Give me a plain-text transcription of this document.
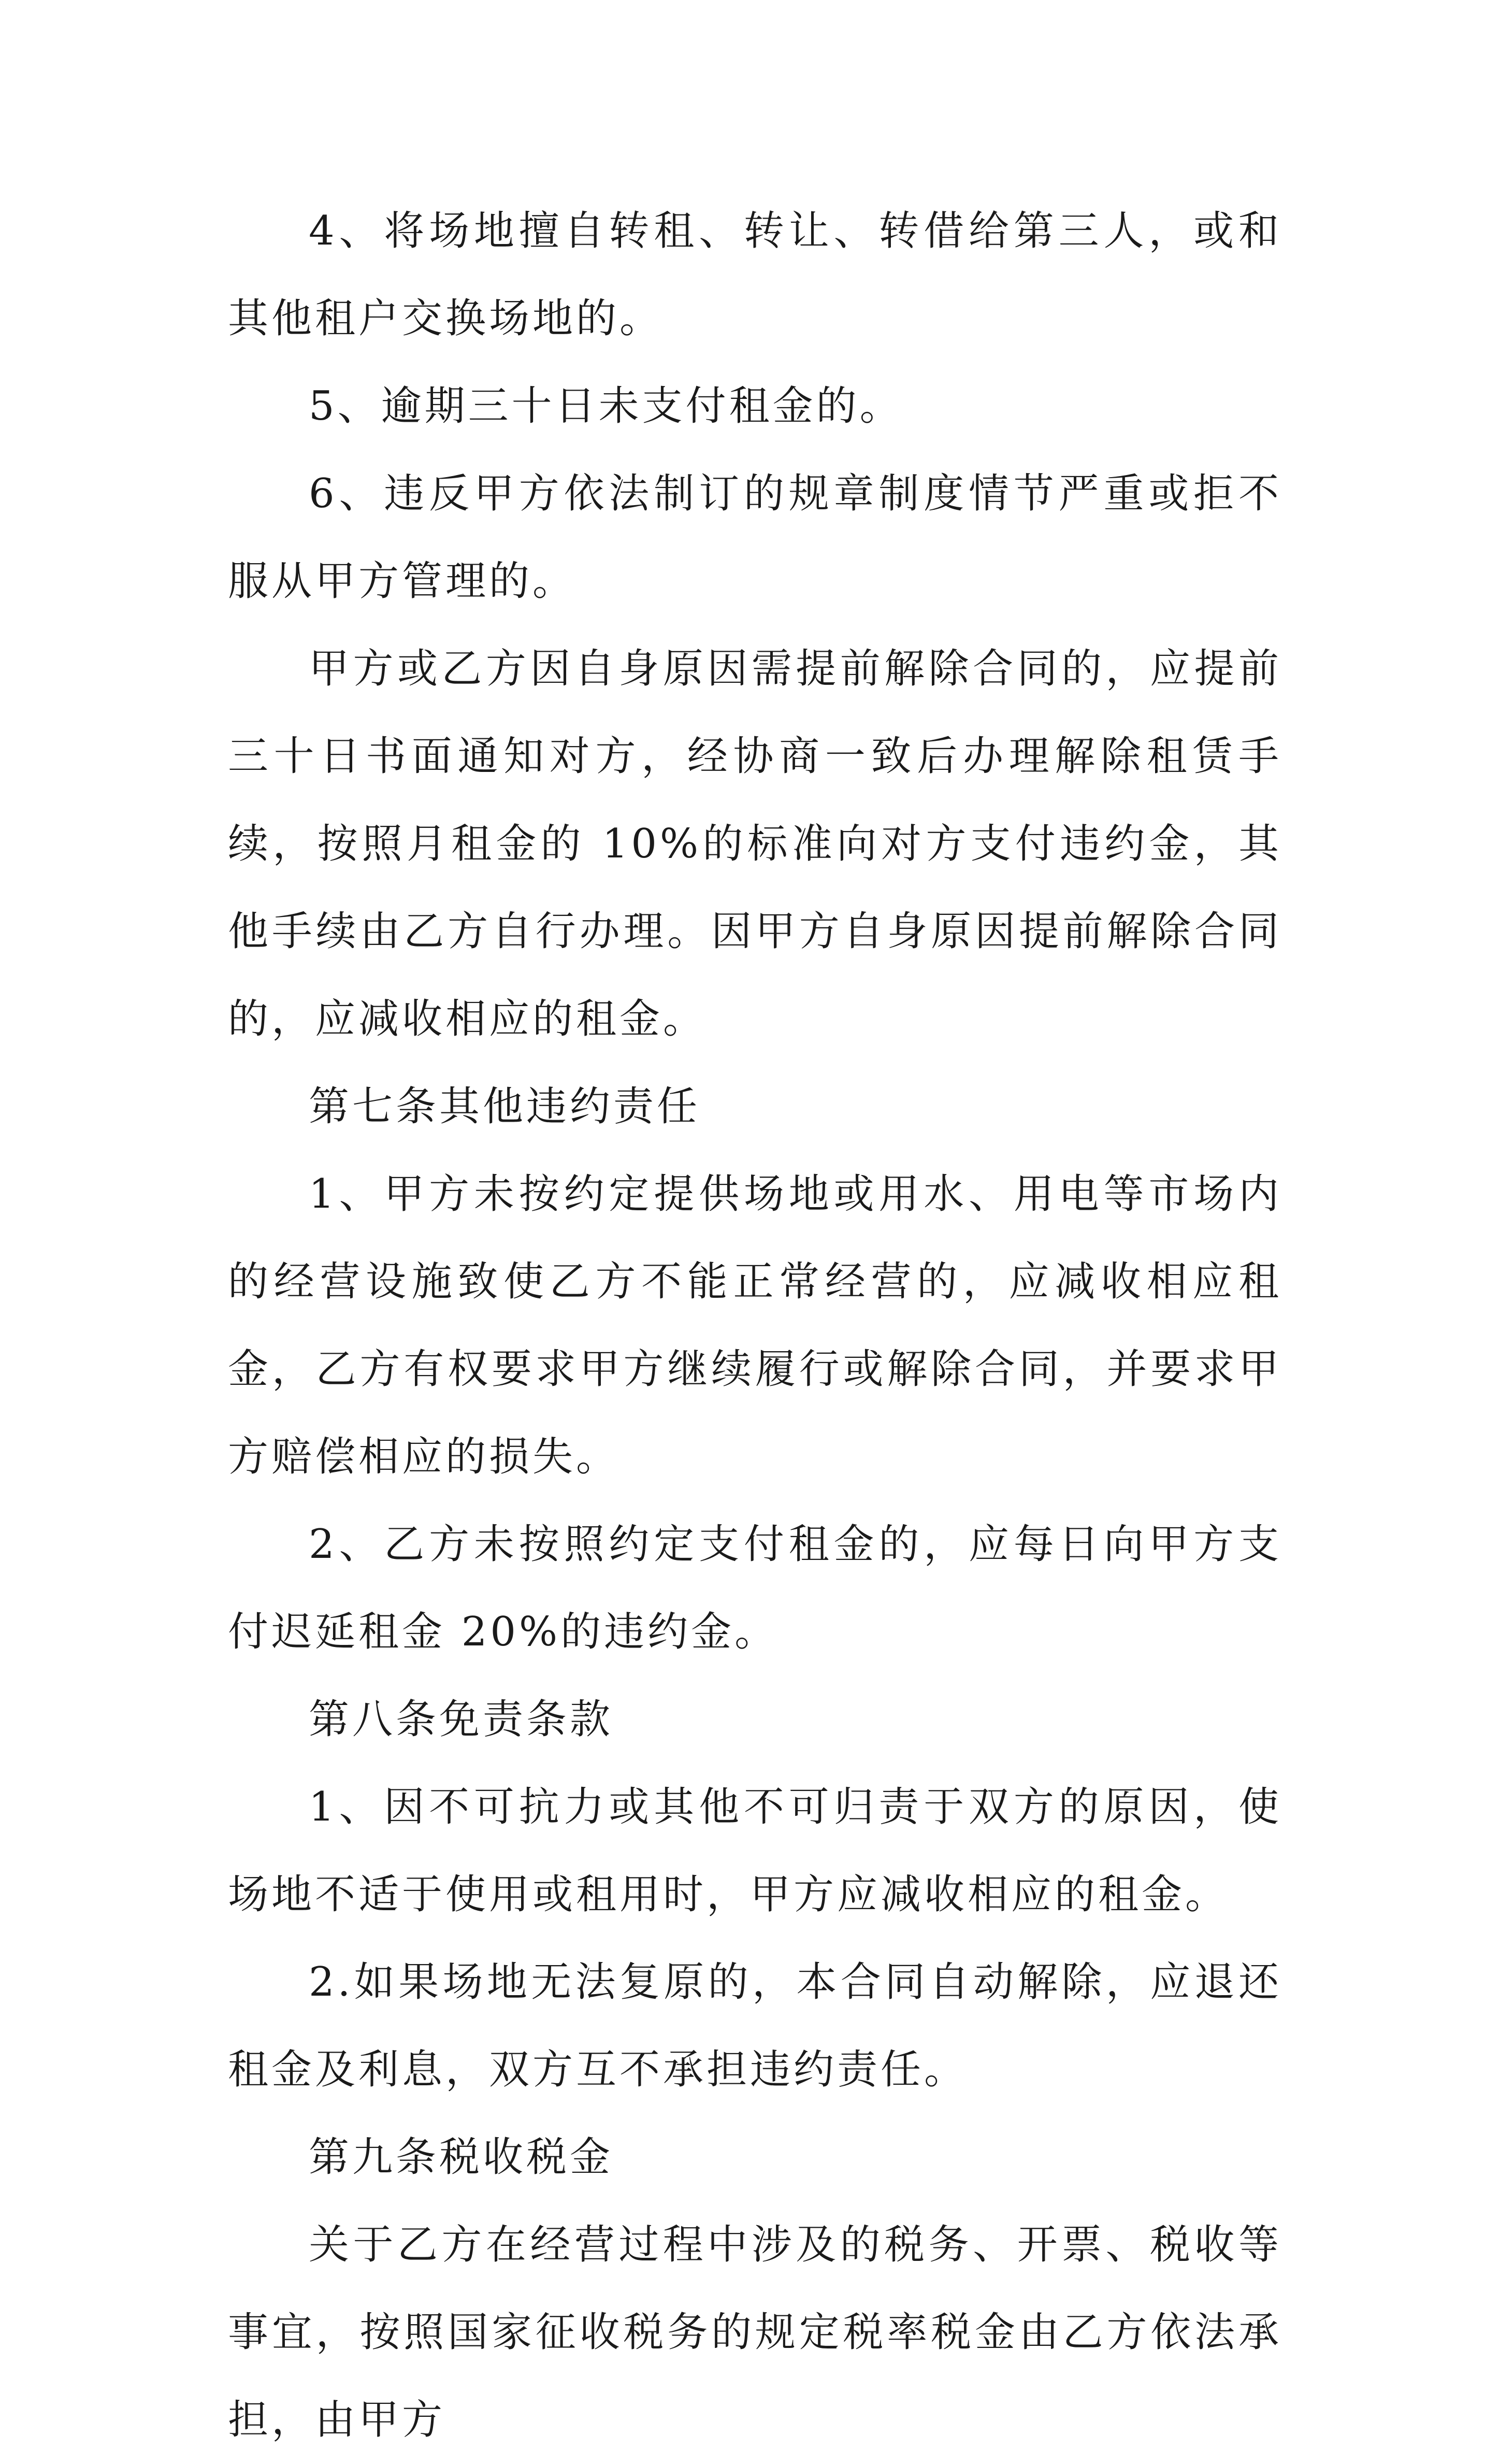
4、将场地擅自转租、转让、转借给第三人，或和其他租户交换场地的。

5、逾期三十日未支付租金的。

6、违反甲方依法制订的规章制度情节严重或拒不服从甲方管理的。

甲方或乙方因自身原因需提前解除合同的，应提前三十日书面通知对方，经协商一致后办理解除租赁手续，按照月租金的 10%的标准向对方支付违约金，其他手续由乙方自行办理。因甲方自身原因提前解除合同的，应减收相应的租金。

第七条其他违约责任

1、甲方未按约定提供场地或用水、用电等市场内的经营设施致使乙方不能正常经营的，应减收相应租金，乙方有权要求甲方继续履行或解除合同，并要求甲方赔偿相应的损失。

2、乙方未按照约定支付租金的，应每日向甲方支付迟延租金 20%的违约金。

第八条免责条款

1、因不可抗力或其他不可归责于双方的原因，使场地不适于使用或租用时，甲方应减收相应的租金。

2.如果场地无法复原的，本合同自动解除，应退还租金及利息，双方互不承担违约责任。

第九条税收税金

关于乙方在经营过程中涉及的税务、开票、税收等事宜，按照国家征收税务的规定税率税金由乙方依法承担，由甲方
